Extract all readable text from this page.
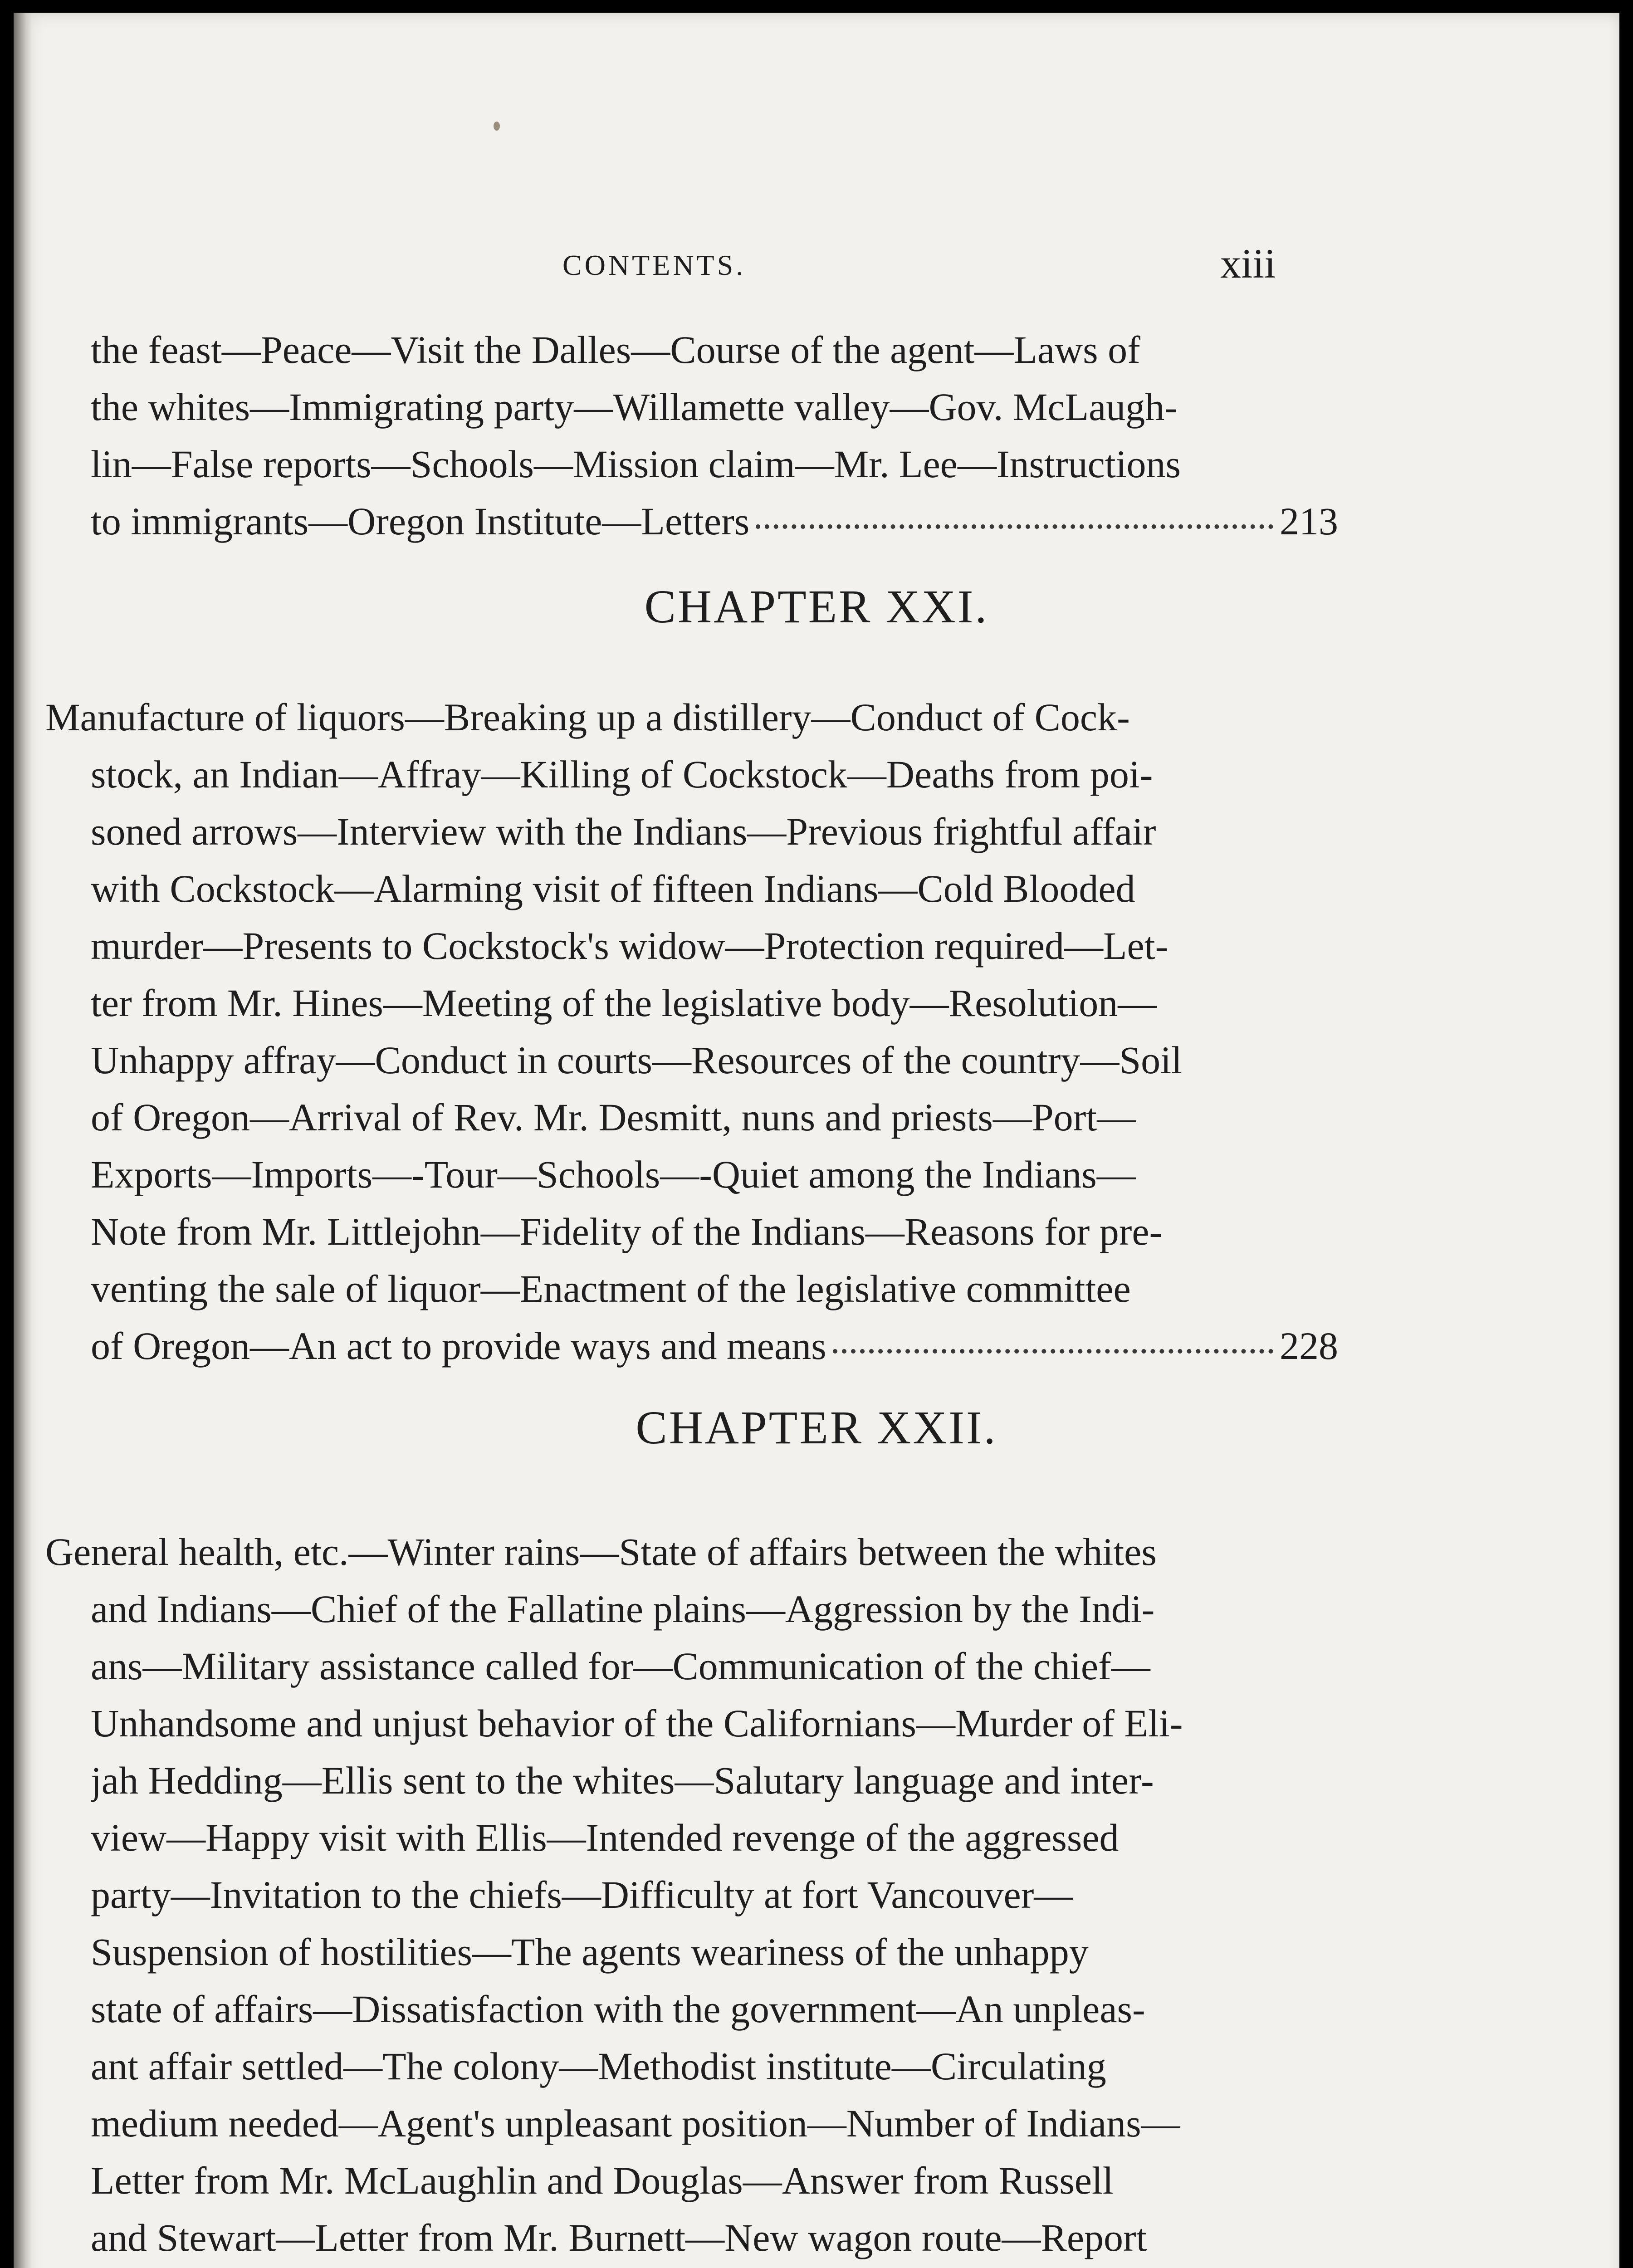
CONTENTS.	xiii

the feast—Peace—Visit the Dalles—Course of the agent—Laws of
the whites—Immigrating party—Willamette valley—Gov. McLaugh-
lin—False reports—Schools—Mission claim—Mr. Lee—Instructions
to immigrants—Oregon Institute—Letters	213

CHAPTER XXI.

Manufacture of liquors—Breaking up a distillery—Conduct of Cock-
stock, an Indian—Affray—Killing of Cockstock—Deaths from poi-
soned arrows—Interview with the Indians—Previous frightful affair
with Cockstock—Alarming visit of fifteen Indians—Cold Blooded
murder—Presents to Cockstock's widow—Protection required—Let-
ter from Mr. Hines—Meeting of the legislative body—Resolution—
Unhappy affray—Conduct in courts—Resources of the country—Soil
of Oregon—Arrival of Rev. Mr. Desmitt, nuns and priests—Port—
Exports—Imports—-Tour—Schools—-Quiet among the Indians—
Note from Mr. Littlejohn—Fidelity of the Indians—Reasons for pre-
venting the sale of liquor—Enactment of the legislative committee
of Oregon—An act to provide ways and means	228

CHAPTER XXII.

General health, etc.—Winter rains—State of affairs between the whites
and Indians—Chief of the Fallatine plains—Aggression by the Indi-
ans—Military assistance called for—Communication of the chief—
Unhandsome and unjust behavior of the Californians—Murder of Eli-
jah Hedding—Ellis sent to the whites—Salutary language and inter-
view—Happy visit with Ellis—Intended revenge of the aggressed
party—Invitation to the chiefs—Difficulty at fort Vancouver—
Suspension of hostilities—The agents weariness of the unhappy
state of affairs—Dissatisfaction with the government—An unpleas-
ant affair settled—The colony—Methodist institute—Circulating
medium needed—Agent's unpleasant position—Number of Indians—
Letter from Mr. McLaughlin and Douglas—Answer from Russell
and Stewart—Letter from Mr. Burnett—New wagon route—Report
